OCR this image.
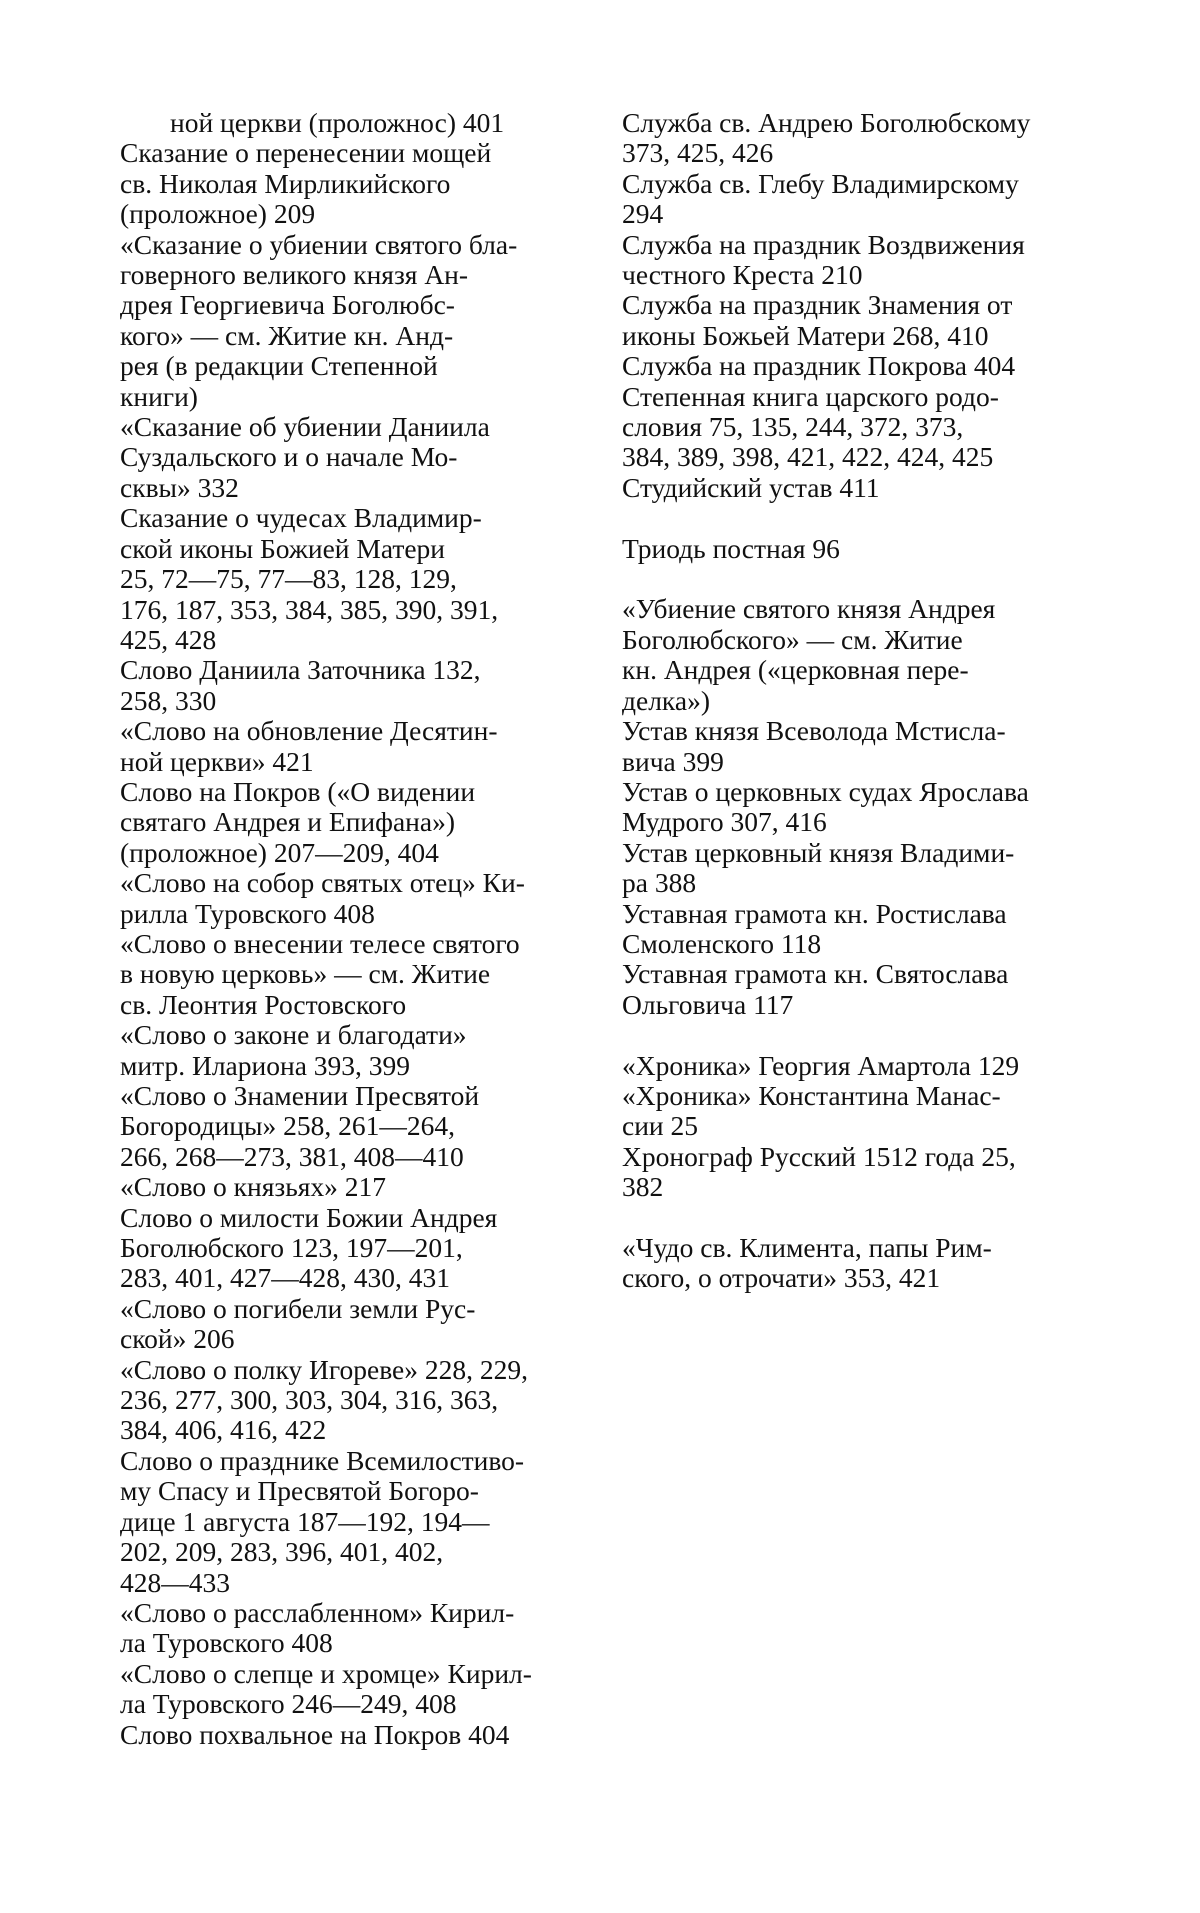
ной церкви (проложнос) 401
Сказание о перенесении мощей
св. Николая Мирликийского
(проложное) 209
«Сказание о убиении святого бла-
говерного великого князя Ан-
дрея Георгиевича Боголюбс-
кого» — см. Житие кн. Анд-
рея (в редакции Степенной
книги)
«Сказание об убиении Даниила
Суздальского и о начале Мо-
сквы» 332
Сказание о чудесах Владимир-
ской иконы Божией Матери
25, 72—75, 77—83, 128, 129,
176, 187, 353, 384, 385, 390, 391,
425, 428
Слово Даниила Заточника 132,
258, 330
«Слово на обновление Десятин-
ной церкви» 421
Слово на Покров («О видении
святаго Андрея и Епифана»)
(проложное) 207—209, 404
«Слово на собор святых отец» Ки-
рилла Туровского 408
«Слово о внесении телесе святого
в новую церковь» — см. Житие
св. Леонтия Ростовского
«Слово о законе и благодати»
митр. Илариона 393, 399
«Слово о Знамении Пресвятой
Богородицы» 258, 261—264,
266, 268—273, 381, 408—410
«Слово о князьях» 217
Слово о милости Божии Андрея
Боголюбского 123, 197—201,
283, 401, 427—428, 430, 431
«Слово о погибели земли Рус-
ской» 206
«Слово о полку Игореве» 228, 229,
236, 277, 300, 303, 304, 316, 363,
384, 406, 416, 422
Слово о празднике Всемилостиво-
му Спасу и Пресвятой Богоро-
дице 1 августа 187—192, 194—
202, 209, 283, 396, 401, 402,
428—433
«Слово о расслабленном» Кирил-
ла Туровского 408
«Слово о слепце и хромце» Кирил-
ла Туровского 246—249, 408
Слово похвальное на Покров 404
Служба св. Андрею Боголюбскому
373, 425, 426
Служба св. Глебу Владимирскому
294
Служба на праздник Воздвижения
честного Креста 210
Служба на праздник Знамения от
иконы Божьей Матери 268, 410
Служба на праздник Покрова 404
Степенная книга царского родо-
словия 75, 135, 244, 372, 373,
384, 389, 398, 421, 422, 424, 425
Студийский устав 411
Триодь постная 96
«Убиение святого князя Андрея
Боголюбского» — см. Житие
кн. Андрея («церковная пере-
делка»)
Устав князя Всеволода Мстисла-
вича 399
Устав о церковных судах Ярослава
Мудрого 307, 416
Устав церковный князя Владими-
ра 388
Уставная грамота кн. Ростислава
Смоленского 118
Уставная грамота кн. Святослава
Ольговича 117
«Хроника» Георгия Амартола 129
«Хроника» Константина Манас-
сии 25
Хронограф Русский 1512 года 25,
382
«Чудо св. Климента, папы Рим-
ского, о отрочати» 353, 421
